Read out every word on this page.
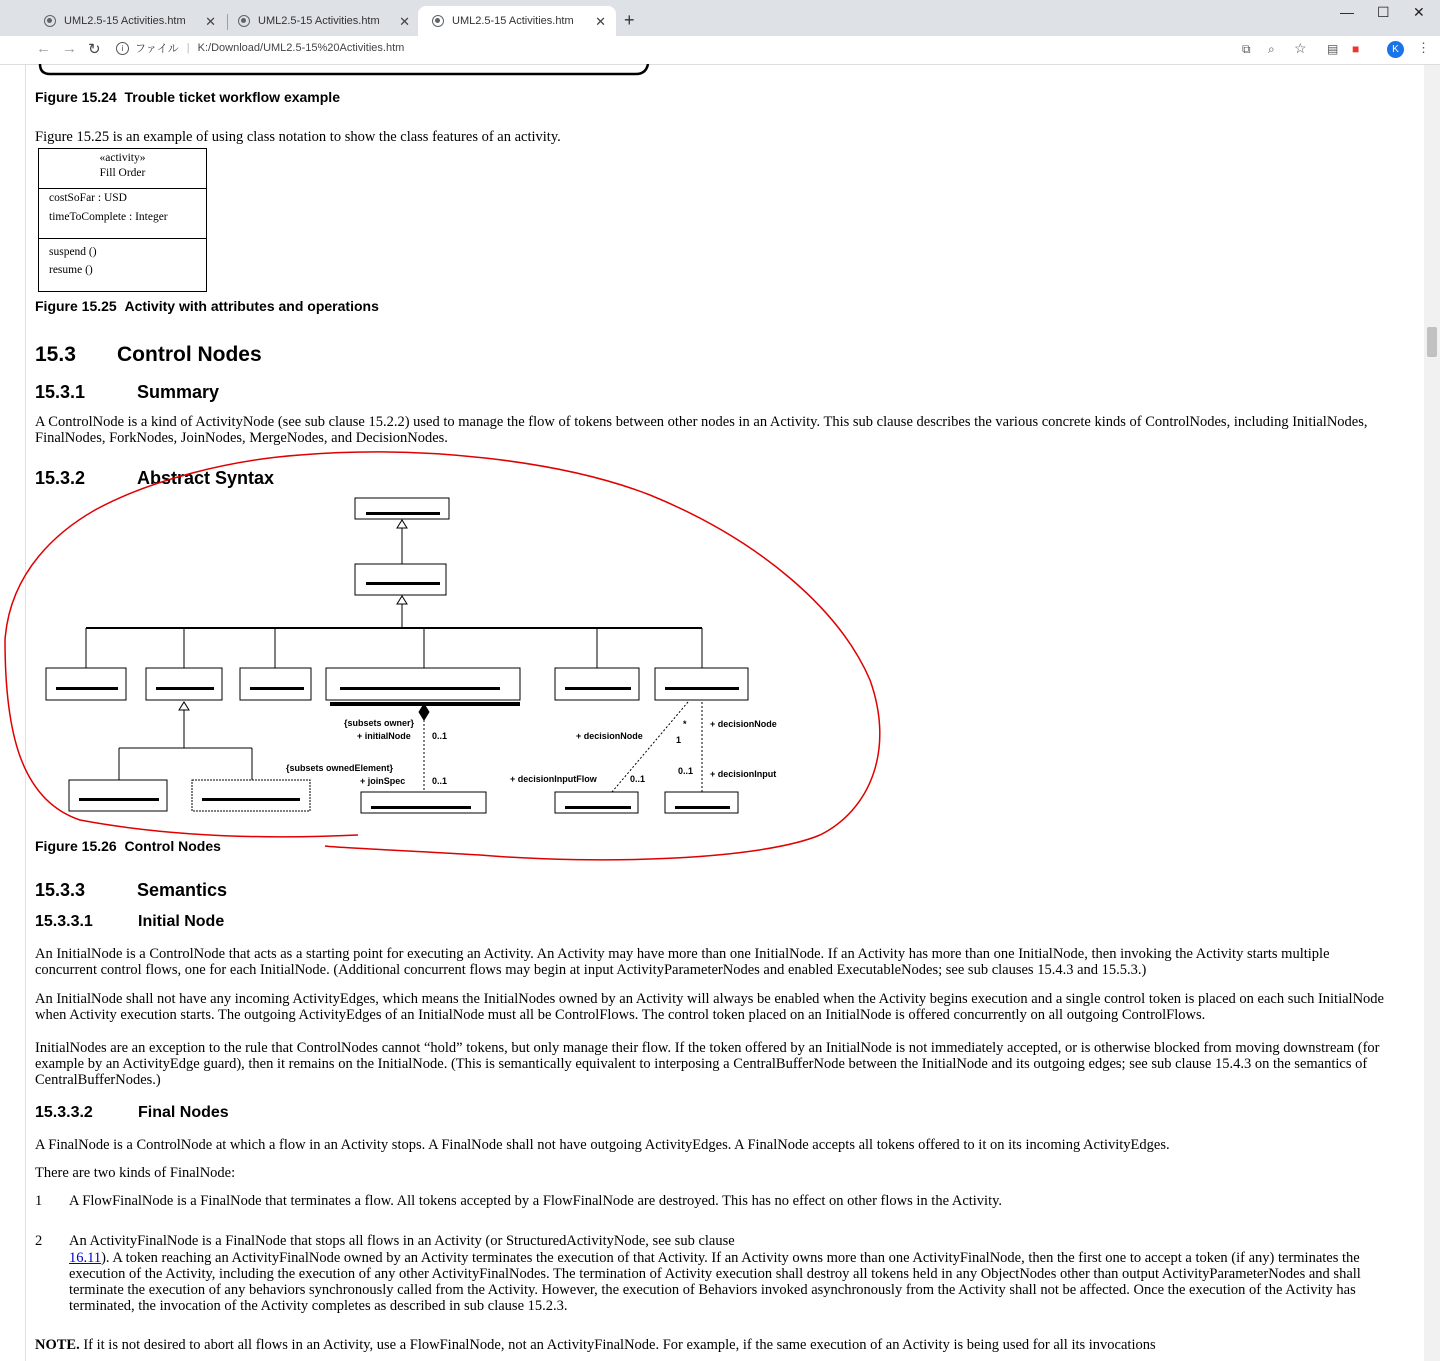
UML2.5-15 Activities.htm ✕	UML2.5-15 Activities.htm ✕	UML2.5-15 Activities.htm ✕ +	— ☐ ✕
← → ↻	i	ファイル | K:/Download/UML2.5-15%20Activities.htm	⧉ ⌕ ☆ ▤ ■	⋮
K
Figure 15.24 Trouble ticket workflow example
Figure 15.25 is an example of using class notation to show the class features of an activity.
«activity»
Fill Order
costSoFar : USD
timeToComplete : Integer
suspend ()
resume ()
Figure 15.25 Activity with attributes and operations
15.3 Control Nodes
15.3.1	Summary
A ControlNode is a kind of ActivityNode (see sub clause 15.2.2) used to manage the flow of tokens between other nodes in an Activity. This sub clause describes the various concrete kinds of ControlNodes, including InitialNodes, FinalNodes, ForkNodes, JoinNodes, MergeNodes, and DecisionNodes.
15.3.2	Abstract Syntax
{subsets owner}
+ initialNode 0..1
{subsets ownedElement}
+ joinSpec	0..1
+ decisionNode	1
*	+ decisionNode
+ decisionInputFlow	0..1
0..1 + decisionInput
Figure 15.26 Control Nodes
15.3.3	Semantics
15.3.3.1	Initial Node
An InitialNode is a ControlNode that acts as a starting point for executing an Activity. An Activity may have more than one InitialNode. If an Activity has more than one InitialNode, then invoking the Activity starts multiple concurrent control flows, one for each InitialNode. (Additional concurrent flows may begin at input ActivityParameterNodes and enabled ExecutableNodes; see sub clauses 15.4.3 and 15.5.3.)
An InitialNode shall not have any incoming ActivityEdges, which means the InitialNodes owned by an Activity will always be enabled when the Activity begins execution and a single control token is placed on each such InitialNode when Activity execution starts. The outgoing ActivityEdges of an InitialNode must all be ControlFlows. The control token placed on an InitialNode is offered concurrently on all outgoing ControlFlows.
InitialNodes are an exception to the rule that ControlNodes cannot “hold” tokens, but only manage their flow. If the token offered by an InitialNode is not immediately accepted, or is otherwise blocked from moving downstream (for example by an ActivityEdge guard), then it remains on the InitialNode. (This is semantically equivalent to interposing a CentralBufferNode between the InitialNode and its outgoing edges; see sub clause 15.4.3 on the semantics of CentralBufferNodes.)
15.3.3.2	Final Nodes
A FinalNode is a ControlNode at which a flow in an Activity stops. A FinalNode shall not have outgoing ActivityEdges. A FinalNode accepts all tokens offered to it on its incoming ActivityEdges.
There are two kinds of FinalNode:
1 A FlowFinalNode is a FinalNode that terminates a flow. All tokens accepted by a FlowFinalNode are destroyed. This has no effect on other flows in the Activity.
2 An ActivityFinalNode is a FinalNode that stops all flows in an Activity (or StructuredActivityNode, see sub clause
16.11). A token reaching an ActivityFinalNode owned by an Activity terminates the execution of that Activity. If an Activity owns more than one ActivityFinalNode, then the first one to accept a token (if any) terminates the execution of the Activity, including the execution of any other ActivityFinalNodes. The termination of Activity execution shall destroy all tokens held in any ObjectNodes other than output ActivityParameterNodes and shall terminate the execution of any behaviors synchronously called from the Activity. However, the execution of Behaviors invoked asynchronously from the Activity shall not be affected. Once the execution of the Activity has terminated, the invocation of the Activity completes as described in sub clause 15.2.3.
NOTE. If it is not desired to abort all flows in an Activity, use a FlowFinalNode, not an ActivityFinalNode. For example, if the same execution of an Activity is being used for all its invocations
